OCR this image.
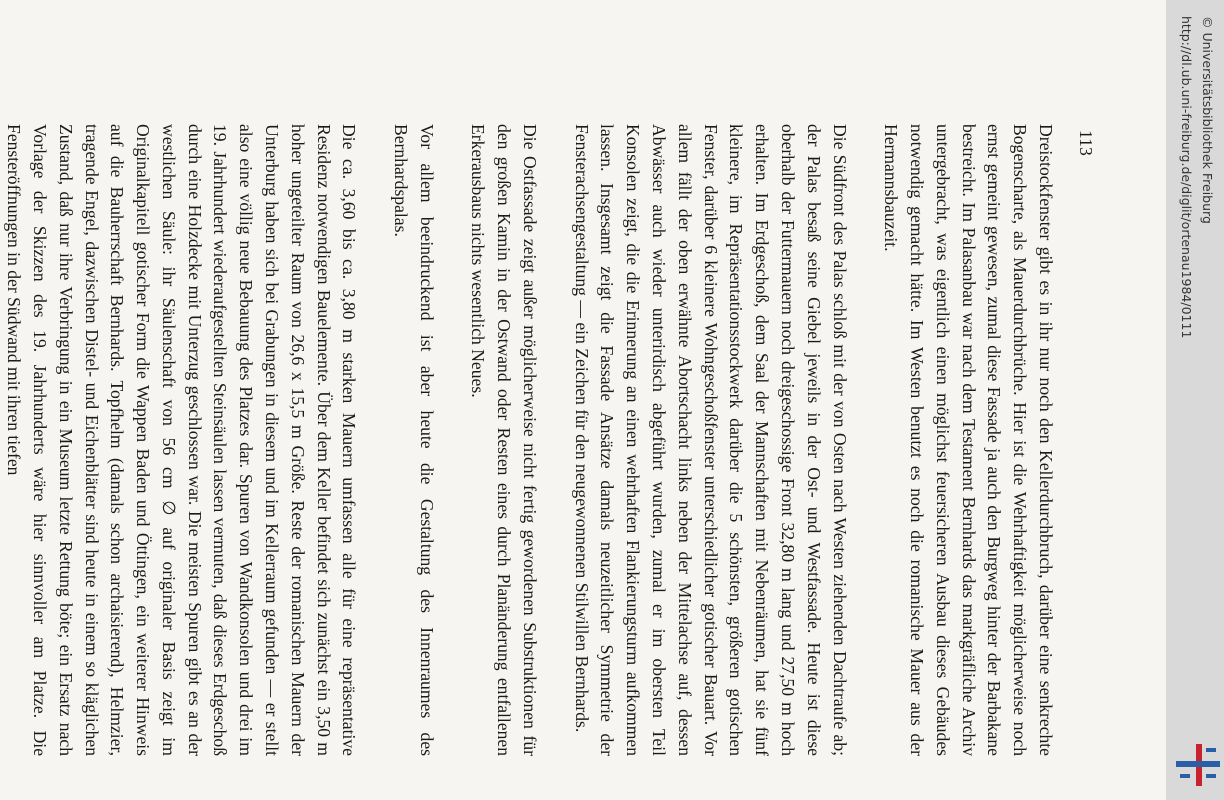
Dreistockfenster gibt es in ihr nur noch den Kellerdurchbruch, darüber eine senkrechte Bogenscharte, als Mauerdurchbrüche. Hier ist die Wehrhaftigkeit möglicherweise noch ernst gemeint gewesen, zumal diese Fassade ja auch den Burgweg hinter der Barbakane bestreicht. Im Palasanbau war nach dem Testament Bernhards das markgräfliche Archiv untergebracht, was eigentlich einen möglichst feuersicheren Ausbau dieses Gebäudes notwendig gemacht hätte. Im Westen benutzt es noch die romanische Mauer aus der Hermannsbauzeit.

Die Südfront des Palas schloß mit der von Osten nach Westen ziehenden Dachtraufe ab; der Palas besaß seine Giebel jeweils in der Ost- und Westfassade. Heute ist diese oberhalb der Futtermauern noch dreigeschossige Front 32,80 m lang und 27,50 m hoch erhalten. Im Erdgeschoß, dem Saal der Mannschaften mit Nebenräumen, hat sie fünf kleinere, im Repräsentationsstockwerk darüber die 5 schönsten, größeren gotischen Fenster, darüber 6 kleinere Wohngeschoßfenster unterschiedlicher gotischer Bauart. Vor allem fällt der oben erwähnte Abortschacht links neben der Mittelachse auf, dessen Abwässer auch wieder unterirdisch abgeführt wurden, zumal er im obersten Teil Konsolen zeigt, die die Erinnerung an einen wehrhaften Flankierungsturm aufkommen lassen. Insgesamt zeigt die Fassade Ansätze damals neuzeitlicher Symmetrie der Fensterachsengestaltung — ein Zeichen für den neugewonnenen Stilwillen Bernhards.

Die Ostfassade zeigt außer möglicherweise nicht fertig gewordenen Substruktionen für den großen Kamin in der Ostwand oder Resten eines durch Planänderung entfallenen Erkerausbaus nichts wesentlich Neues.

Vor allem beeindruckend ist aber heute die Gestaltung des Innenraumes des Bernhardspalas.

Die ca. 3,60 bis ca. 3,80 m starken Mauern umfassen alle für eine repräsentative Residenz notwendigen Bauelemente. Über dem Keller befindet sich zunächst ein 3,50 m hoher ungeteilter Raum von 26,6 x 15,5 m Größe. Reste der romanischen Mauern der Unterburg haben sich bei Grabungen in diesem und im Kellerraum gefunden — er stellt also eine völlig neue Bebauung des Platzes dar. Spuren von Wandkonsolen und drei im 19. Jahrhundert wiederaufgestellten Steinsäulen lassen vermuten, daß dieses Erdgeschoß durch eine Holzdecke mit Unterzug geschlossen war. Die meisten Spuren gibt es an der westlichen Säule: ihr Säulenschaft von 56 cm ∅ auf originaler Basis zeigt im Originalkapitell gotischer Form die Wappen Baden und Öttingen, ein weiterer Hinweis auf die Bauherrschaft Bernhards. Topfhelm (damals schon archaisierend), Helmzier, tragende Engel, dazwischen Distel- und Eichenblätter sind heute in einem so kläglichen Zustand, daß nur ihre Verbringung in ein Museum letzte Rettung böte; ein Ersatz nach Vorlage der Skizzen des 19. Jahrhunderts wäre hier sinnvoller am Platze. Die Fensteröffnungen in der Südwand mit ihren tiefen	113	http://dl.ub.uni-freiburg.de/diglit/ortenau1984/0111 © Universitätsbibliothek Freiburg
